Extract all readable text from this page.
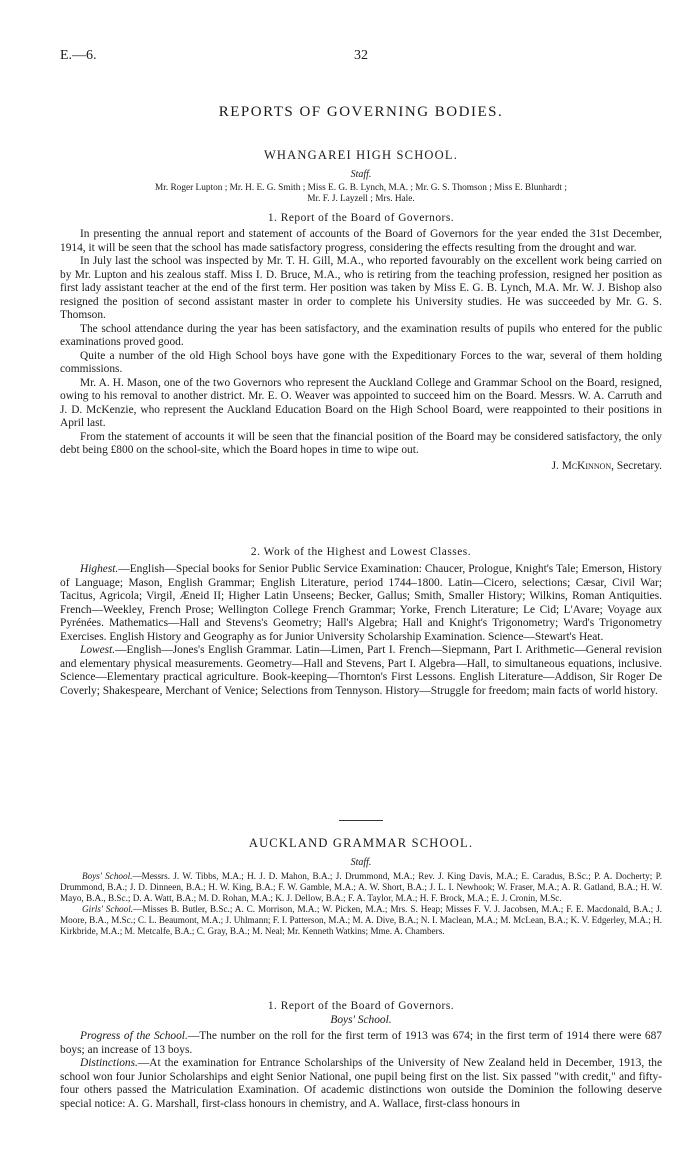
E.—6.	32
REPORTS OF GOVERNING BODIES.
WHANGAREI HIGH SCHOOL.
Staff.
Mr. Roger Lupton ; Mr. H. E. G. Smith ; Miss E. G. B. Lynch, M.A. ; Mr. G. S. Thomson ; Miss E. Blunhardt ;
Mr. F. J. Layzell ; Mrs. Hale.
1. Report of the Board of Governors.

In presenting the annual report and statement of accounts of the Board of Governors for the year ended the 31st December, 1914, it will be seen that the school has made satisfactory progress, considering the effects resulting from the drought and war.

In July last the school was inspected by Mr. T. H. Gill, M.A., who reported favourably on the excellent work being carried on by Mr. Lupton and his zealous staff. Miss I. D. Bruce, M.A., who is retiring from the teaching profession, resigned her position as first lady assistant teacher at the end of the first term. Her position was taken by Miss E. G. B. Lynch, M.A. Mr. W. J. Bishop also resigned the position of second assistant master in order to complete his University studies. He was succeeded by Mr. G. S. Thomson.

The school attendance during the year has been satisfactory, and the examination results of pupils who entered for the public examinations proved good.

Quite a number of the old High School boys have gone with the Expeditionary Forces to the war, several of them holding commissions.

Mr. A. H. Mason, one of the two Governors who represent the Auckland College and Grammar School on the Board, resigned, owing to his removal to another district. Mr. E. O. Weaver was appointed to succeed him on the Board. Messrs. W. A. Carruth and J. D. McKenzie, who represent the Auckland Education Board on the High School Board, were reappointed to their positions in April last.

From the statement of accounts it will be seen that the financial position of the Board may be considered satisfactory, the only debt being £800 on the school-site, which the Board hopes in time to wipe out.

J. McKinnon, Secretary.
2. Work of the Highest and Lowest Classes.

Highest.—English—Special books for Senior Public Service Examination: Chaucer, Prologue, Knight's Tale; Emerson, History of Language; Mason, English Grammar; English Literature, period 1744–1800. Latin—Cicero, selections; Cæsar, Civil War; Tacitus, Agricola; Virgil, Æneid II; Higher Latin Unseens; Becker, Gallus; Smith, Smaller History; Wilkins, Roman Antiquities. French—Weekley, French Prose; Wellington College French Grammar; Yorke, French Literature; Le Cid; L'Avare; Voyage aux Pyrénées. Mathematics—Hall and Stevens's Geometry; Hall's Algebra; Hall and Knight's Trigonometry; Ward's Trigonometry Exercises. English History and Geography as for Junior University Scholarship Examination. Science—Stewart's Heat.

Lowest.—English—Jones's English Grammar. Latin—Limen, Part I. French—Siepmann, Part I. Arithmetic—General revision and elementary physical measurements. Geometry—Hall and Stevens, Part I. Algebra—Hall, to simultaneous equations, inclusive. Science—Elementary practical agriculture. Book-keeping—Thornton's First Lessons. English Literature—Addison, Sir Roger De Coverly; Shakespeare, Merchant of Venice; Selections from Tennyson. History—Struggle for freedom; main facts of world history.

AUCKLAND GRAMMAR SCHOOL.
Staff.
Boys' School.—Messrs. J. W. Tibbs, M.A.; H. J. D. Mahon, B.A.; J. Drummond, M.A.; Rev. J. King Davis, M.A.; E. Caradus, B.Sc.; P. A. Docherty; P. Drummond, B.A.; J. D. Dinneen, B.A.; H. W. King, B.A.; F. W. Gamble, M.A.; A. W. Short, B.A.; J. L. I. Newhook; W. Fraser, M.A.; A. R. Gatland, B.A.; H. W. Mayo, B.A., B.Sc.; D. A. Watt, B.A.; M. D. Rohan, M.A.; K. J. Dellow, B.A.; F. A. Taylor, M.A.; H. F. Brock, M.A.; E. J. Cronin, M.Sc.
Girls' School.—Misses B. Butler, B.Sc.; A. C. Morrison, M.A.; W. Picken, M.A.; Mrs. S. Heap; Misses F. V. J. Jacobsen, M.A.; F. E. Macdonald, B.A.; J. Moore, B.A., M.Sc.; C. L. Beaumont, M.A.; J. Uhlmann; F. I. Patterson, M.A.; M. A. Dive, B.A.; N. I. Maclean, M.A.; M. McLean, B.A.; K. V. Edgerley, M.A.; H. Kirkbride, M.A.; M. Metcalfe, B.A.; C. Gray, B.A.; M. Neal; Mr. Kenneth Watkins; Mme. A. Chambers.
1. Report of the Board of Governors.
Boys' School.

Progress of the School.—The number on the roll for the first term of 1913 was 674; in the first term of 1914 there were 687 boys; an increase of 13 boys.

Distinctions.—At the examination for Entrance Scholarships of the University of New Zealand held in December, 1913, the school won four Junior Scholarships and eight Senior National, one pupil being first on the list. Six passed "with credit," and fifty-four others passed the Matriculation Examination. Of academic distinctions won outside the Dominion the following deserve special notice: A. G. Marshall, first-class honours in chemistry, and A. Wallace, first-class honours in
